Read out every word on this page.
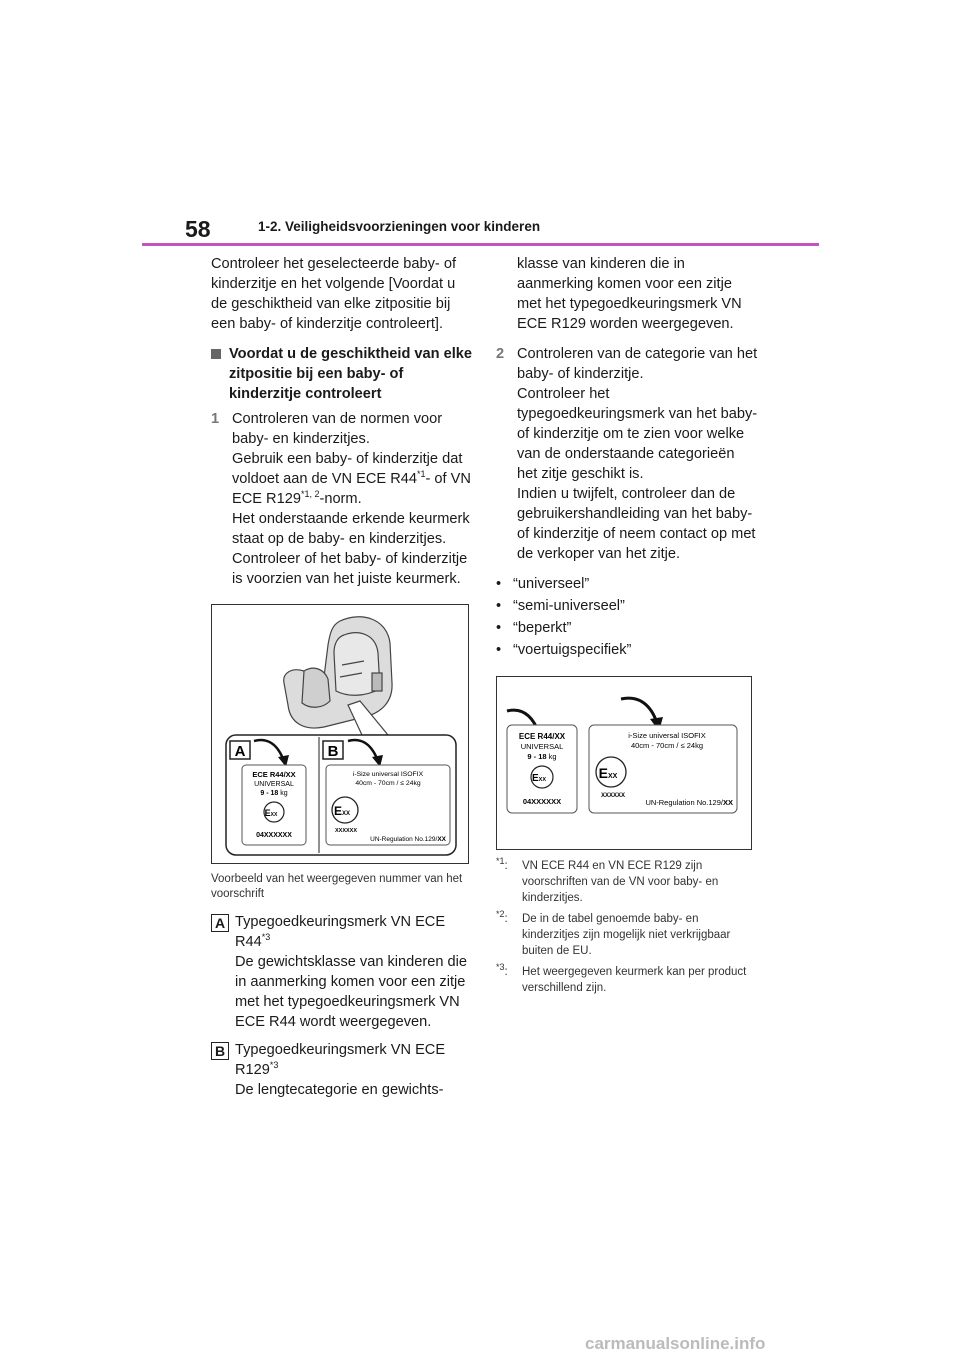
58	1-2. Veiligheidsvoorzieningen voor kinderen

Controleer het geselecteerde baby- of kinderzitje en het volgende [Voordat u de geschiktheid van elke zitpositie bij een baby- of kinderzitje controleert].

Voordat u de geschiktheid van elke zitpositie bij een baby- of kinderzitje controleert
1 Controleren van de normen voor baby- en kinderzitjes.

Gebruik een baby- of kinderzitje dat voldoet aan de VN ECE R44$^{*1}$- of VN ECE R129$^{*1, 2}$-norm.

Het onderstaande erkende keurmerk staat op de baby- en kinderzitjes.

Controleer of het baby- of kinderzitje is voorzien van het juiste keurmerk.

A	B
ECE R44/XX
UNIVERSAL
9 - 18 kg
EXX
04XXXXXX
i-Size universal ISOFIX
40cm - 70cm / ≤ 24kg
EXX
XXXXXX
UN-Regulation No.129/XX

Voorbeeld van het weergegeven nummer van het voorschrift

A Typegoedkeuringsmerk VN ECE R44$^{*3}$

De gewichtsklasse van kinderen die in aanmerking komen voor een zitje met het typegoedkeuringsmerk VN ECE R44 wordt weergegeven.

B Typegoedkeuringsmerk VN ECE R129$^{*3}$

De lengtecategorie en gewichts-

klasse van kinderen die in aanmerking komen voor een zitje met het typegoedkeuringsmerk VN ECE R129 worden weergegeven.

2 Controleren van de categorie van het baby- of kinderzitje.

Controleer het typegoedkeuringsmerk van het baby- of kinderzitje om te zien voor welke van de onderstaande categorieën het zitje geschikt is.

Indien u twijfelt, controleer dan de gebruikershandleiding van het baby- of kinderzitje of neem contact op met de verkoper van het zitje.

• “universeel”
• “semi-universeel”
• “beperkt”
• “voertuigspecifiek”
ECE R44/XX
UNIVERSAL
9 - 18 kg
EXX
04XXXXXX
i-Size universal ISOFIX
40cm - 70cm / ≤ 24kg
EXX
XXXXXX
UN-Regulation No.129/XX
$^{*1}$:	VN ECE R44 en VN ECE R129 zijn voorschriften van de VN voor baby- en kinderzitjes.
$^{*2}$:	De in de tabel genoemde baby- en kinderzitjes zijn mogelijk niet verkrijgbaar buiten de EU.
$^{*3}$:	Het weergegeven keurmerk kan per product verschillend zijn.
carmanualsonline.info
